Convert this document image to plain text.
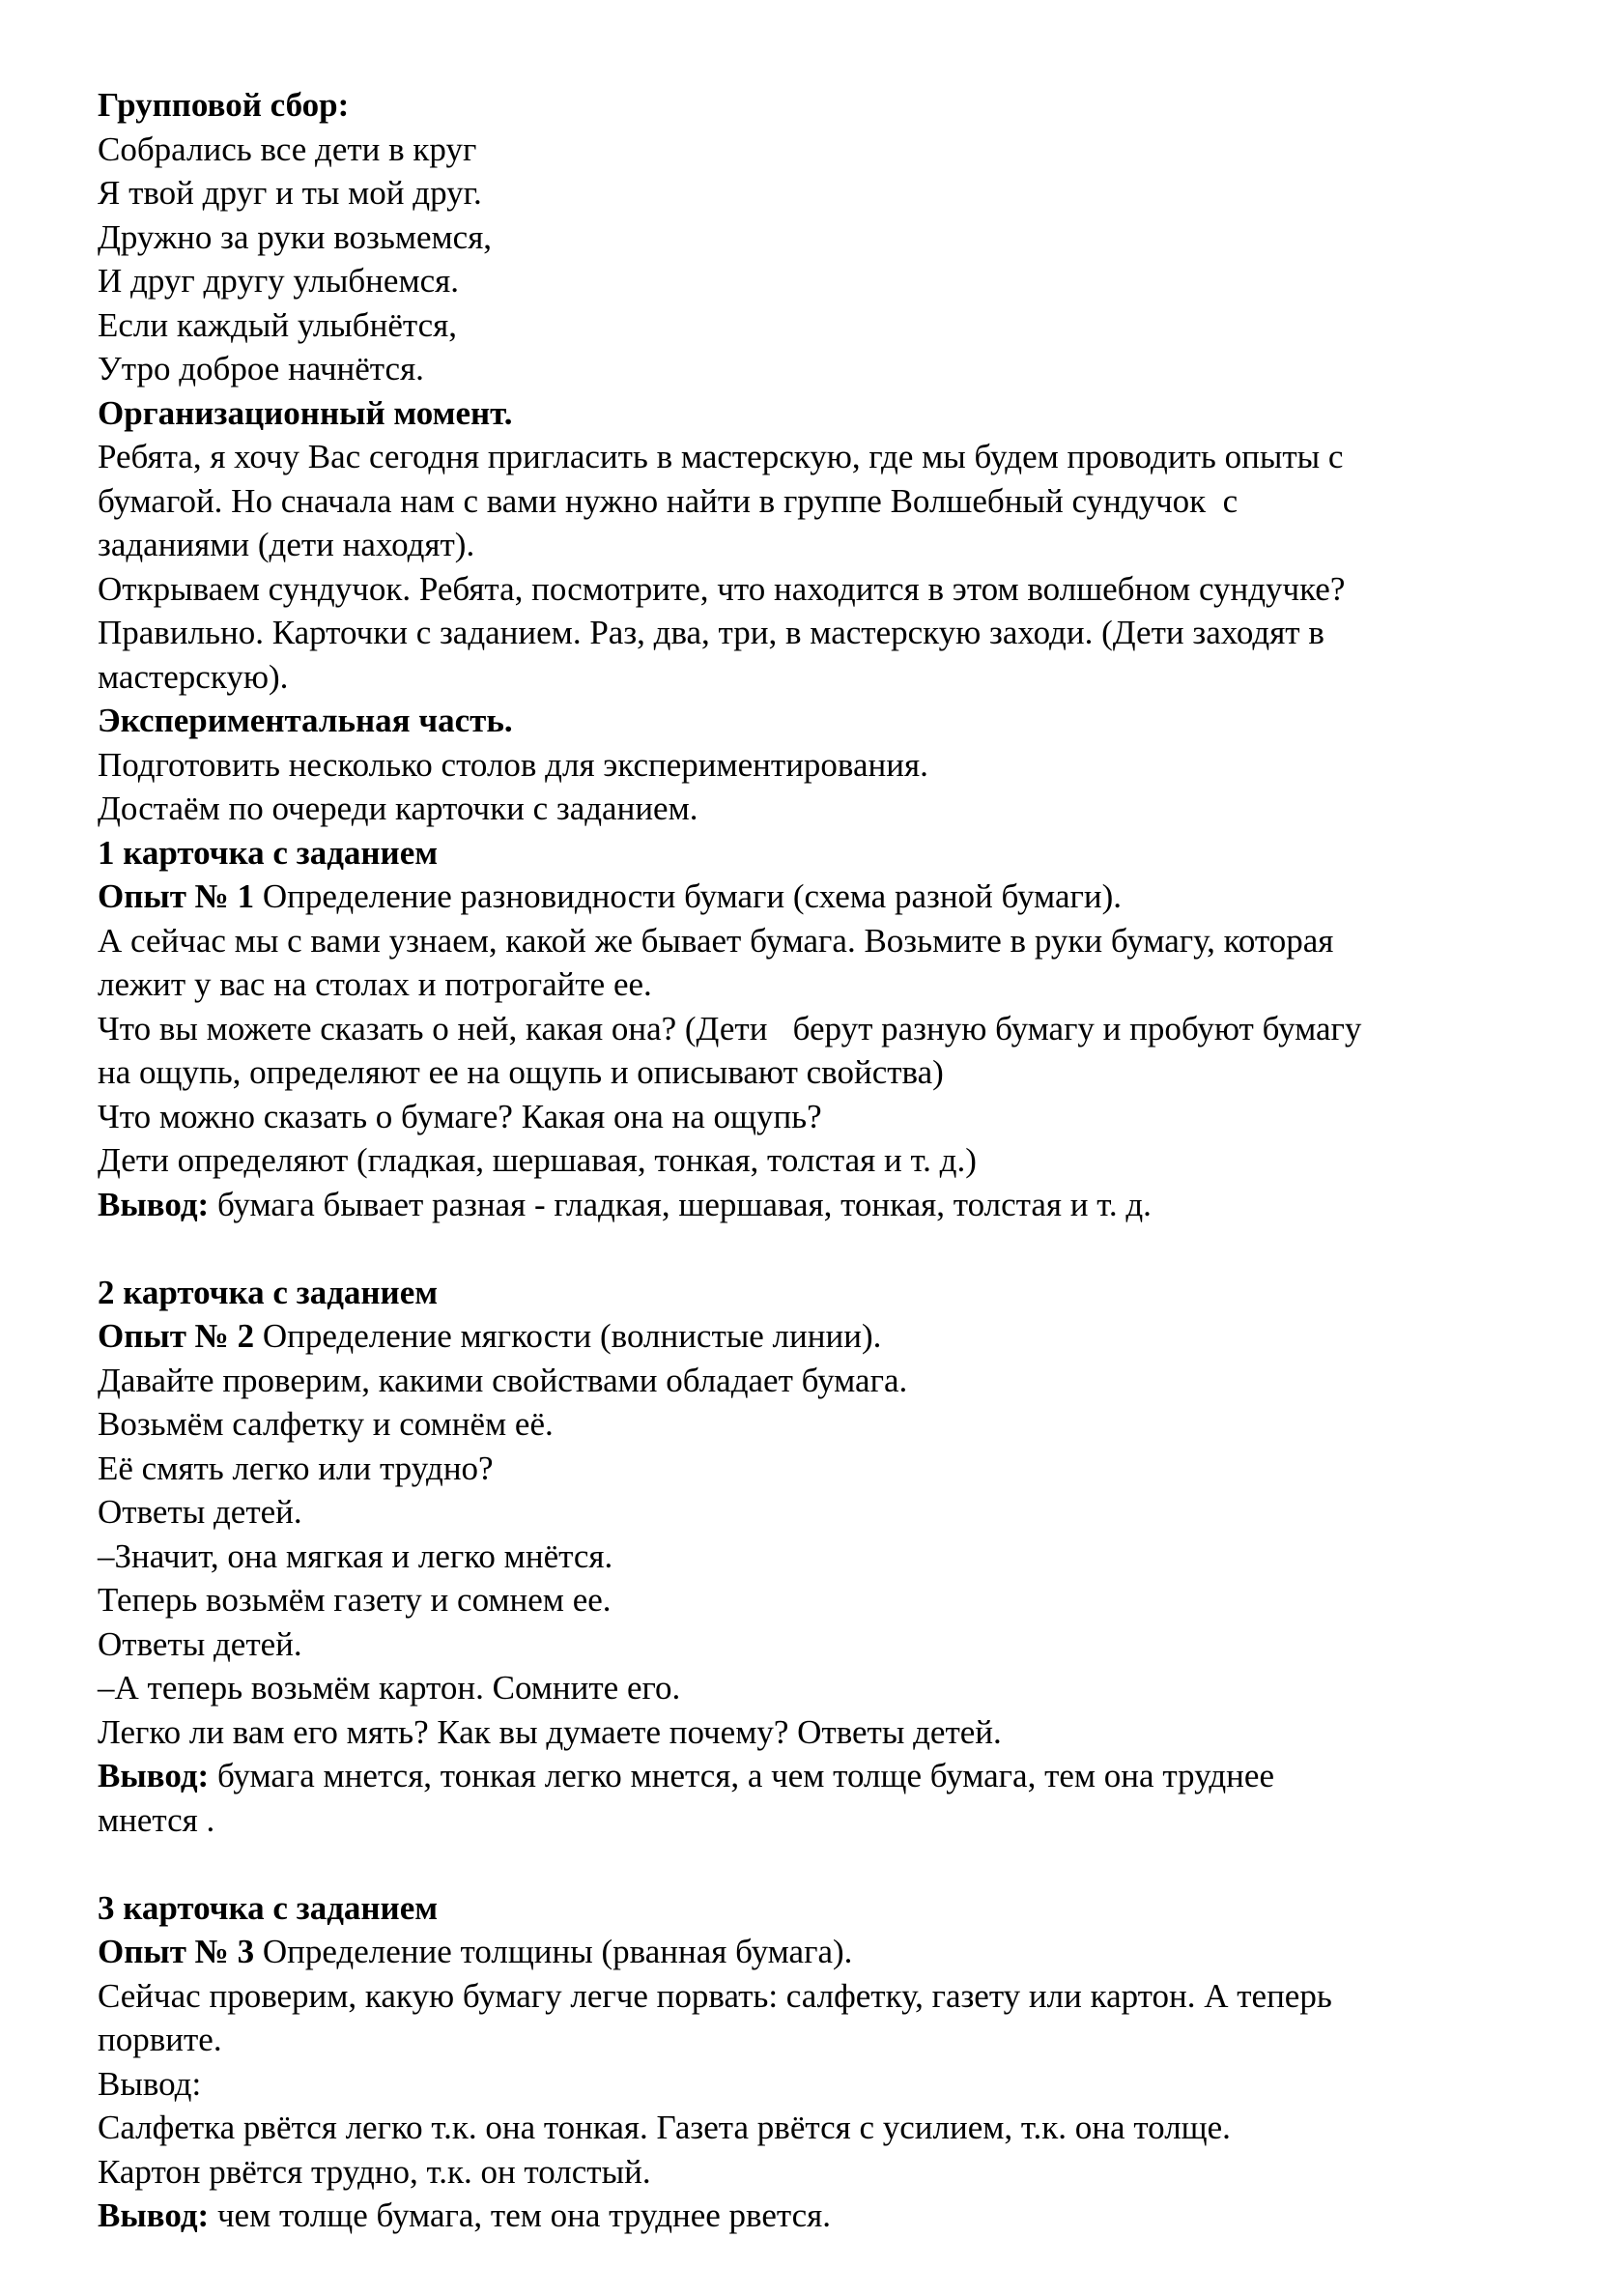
Групповой сбор:

Собрались все дети в круг

Я твой друг и ты мой друг.

Дружно за руки возьмемся,

И друг другу улыбнемся.

Если каждый улыбнётся,

Утро доброе начнётся.

Организационный момент.

Ребята, я хочу Вас сегодня пригласить в мастерскую, где мы будем проводить опыты с

бумагой. Но сначала нам с вами нужно найти в группе Волшебный сундучок  с

заданиями (дети находят).

Открываем сундучок. Ребята, посмотрите, что находится в этом волшебном сундучке?

Правильно. Карточки с заданием. Раз, два, три, в мастерскую заходи. (Дети заходят в

мастерскую).

Экспериментальная часть.

Подготовить несколько столов для экспериментирования.

Достаём по очереди карточки с заданием.

1 карточка с заданием

Опыт № 1 Определение разновидности бумаги (схема разной бумаги).

А сейчас мы с вами узнаем, какой же бывает бумага. Возьмите в руки бумагу, которая

лежит у вас на столах и потрогайте ее.

Что вы можете сказать о ней, какая она? (Дети   берут разную бумагу и пробуют бумагу

на ощупь, определяют ее на ощупь и описывают свойства)

Что можно сказать о бумаге? Какая она на ощупь?

Дети определяют (гладкая, шершавая, тонкая, толстая и т. д.)

Вывод: бумага бывает разная - гладкая, шершавая, тонкая, толстая и т. д.

2 карточка с заданием

Опыт № 2 Определение мягкости (волнистые линии).

Давайте проверим, какими свойствами обладает бумага.

Возьмём салфетку и сомнём её.

Её смять легко или трудно?

Ответы детей.

–Значит, она мягкая и легко мнётся.

Теперь возьмём газету и сомнем ее.

Ответы детей.

–А теперь возьмём картон. Сомните его.

Легко ли вам его мять? Как вы думаете почему? Ответы детей.

Вывод: бумага мнется, тонкая легко мнется, а чем толще бумага, тем она труднее

мнется .

3 карточка с заданием

Опыт № 3 Определение толщины (рванная бумага).

Сейчас проверим, какую бумагу легче порвать: салфетку, газету или картон. А теперь

порвите.

Вывод:

Салфетка рвётся легко т.к. она тонкая. Газета рвётся с усилием, т.к. она толще.

Картон рвётся трудно, т.к. он толстый.

Вывод: чем толще бумага, тем она труднее рвется.
